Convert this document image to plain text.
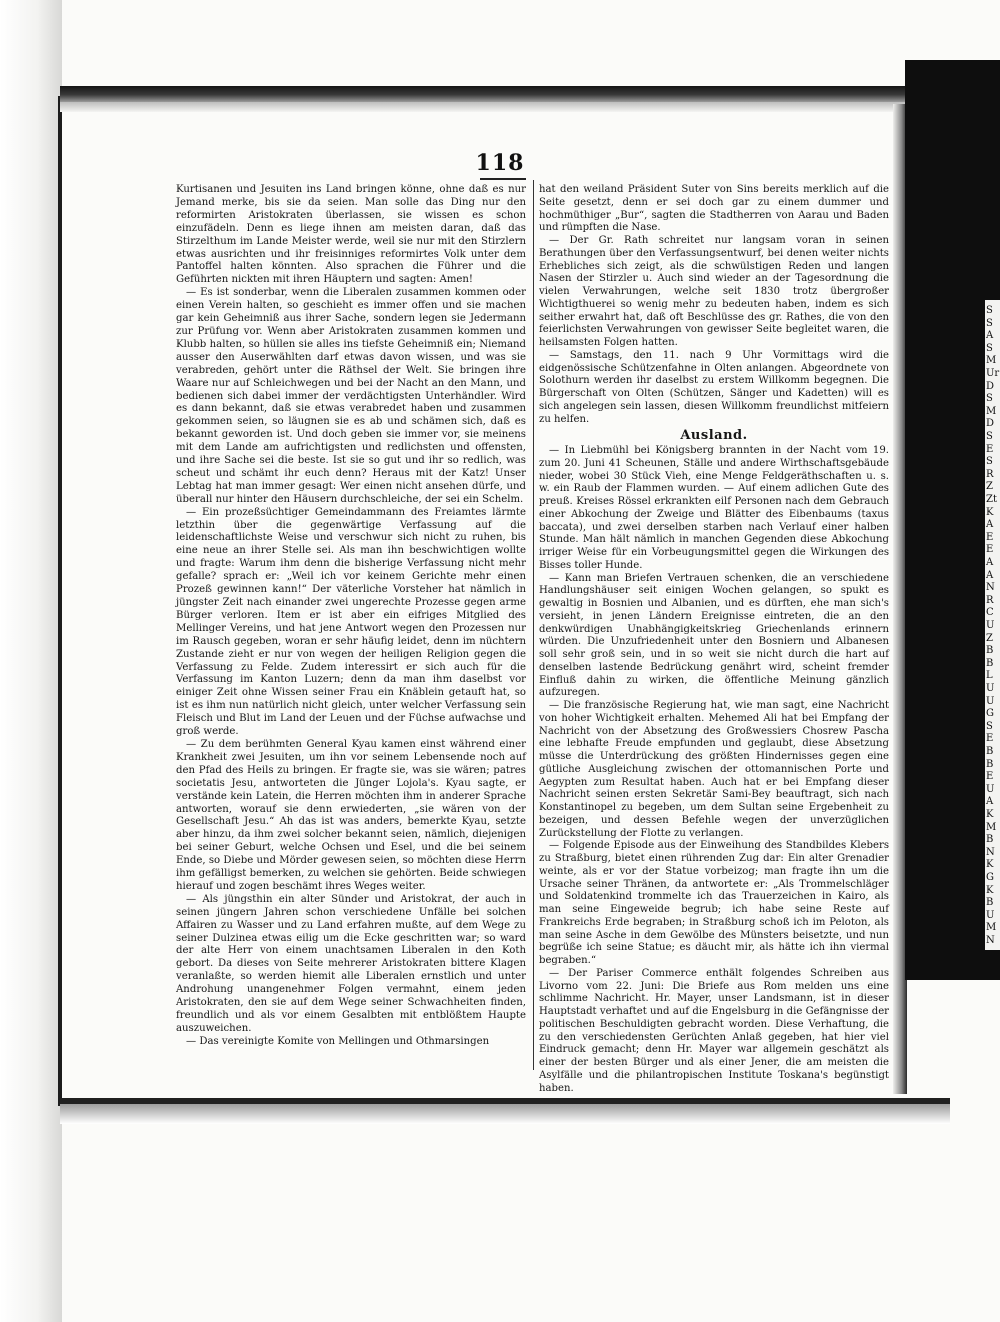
S
S
A
S
M
Ur
D
S
M
D
S
E
S
R
Z
Zt
K
A
E
E
A
A
N
R
C
U
Z
B
B
L
U
U
G
S
E
B
B
E
U
A
K
M
B
N
K
G
K
B
U
M
N
118

Kurtisanen und Jesuiten ins Land bringen könne, ohne daß es nur Jemand merke, bis sie da seien. Man solle das Ding nur den reformirten Aristokraten überlassen, sie wissen es schon einzufädeln. Denn es liege ihnen am meisten daran, daß das Stirzelthum im Lande Meister werde, weil sie nur mit den Stirzlern etwas ausrichten und ihr freisinniges reformirtes Volk unter dem Pantoffel halten könnten. Also sprachen die Führer und die Geführten nickten mit ihren Häuptern und sagten: Amen!

— Es ist sonderbar, wenn die Liberalen zusammen kommen oder einen Verein halten, so geschieht es immer offen und sie machen gar kein Geheimniß aus ihrer Sache, sondern legen sie Jedermann zur Prüfung vor. Wenn aber Aristokraten zusammen kommen und Klubb halten, so hüllen sie alles ins tiefste Geheimniß ein; Niemand ausser den Auserwählten darf etwas davon wissen, und was sie verabreden, gehört unter die Räthsel der Welt. Sie bringen ihre Waare nur auf Schleichwegen und bei der Nacht an den Mann, und bedienen sich dabei immer der verdächtigsten Unterhändler. Wird es dann bekannt, daß sie etwas verabredet haben und zusammen gekommen seien, so läugnen sie es ab und schämen sich, daß es bekannt geworden ist. Und doch geben sie immer vor, sie meinens mit dem Lande am aufrichtigsten und redlichsten und offensten, und ihre Sache sei die beste. Ist sie so gut und ihr so redlich, was scheut und schämt ihr euch denn? Heraus mit der Katz! Unser Lebtag hat man immer gesagt: Wer einen nicht ansehen dürfe, und überall nur hinter den Häusern durchschleiche, der sei ein Schelm.

— Ein prozeßsüchtiger Gemeindammann des Freiamtes lärmte letzthin über die gegenwärtige Verfassung auf die leidenschaftlichste Weise und verschwur sich nicht zu ruhen, bis eine neue an ihrer Stelle sei. Als man ihn beschwichtigen wollte und fragte: Warum ihm denn die bisherige Verfassung nicht mehr gefalle? sprach er: „Weil ich vor keinem Gerichte mehr einen Prozeß gewinnen kann!“ Der väterliche Vorsteher hat nämlich in jüngster Zeit nach einander zwei ungerechte Prozesse gegen arme Bürger verloren. Item er ist aber ein eifriges Mitglied des Mellinger Vereins, und hat jene Antwort wegen den Prozessen nur im Rausch gegeben, woran er sehr häufig leidet, denn im nüchtern Zustande zieht er nur von wegen der heiligen Religion gegen die Verfassung zu Felde. Zudem interessirt er sich auch für die Verfassung im Kanton Luzern; denn da man ihm daselbst vor einiger Zeit ohne Wissen seiner Frau ein Knäblein getauft hat, so ist es ihm nun natürlich nicht gleich, unter welcher Verfassung sein Fleisch und Blut im Land der Leuen und der Füchse aufwachse und groß werde.

— Zu dem berühmten General Kyau kamen einst während einer Krankheit zwei Jesuiten, um ihn vor seinem Lebensende noch auf den Pfad des Heils zu bringen. Er fragte sie, was sie wären; patres societatis Jesu, antworteten die Jünger Lojola's. Kyau sagte, er verstände kein Latein, die Herren möchten ihm in anderer Sprache antworten, worauf sie denn erwiederten, „sie wären von der Gesellschaft Jesu.“ Ah das ist was anders, bemerkte Kyau, setzte aber hinzu, da ihm zwei solcher bekannt seien, nämlich, diejenigen bei seiner Geburt, welche Ochsen und Esel, und die bei seinem Ende, so Diebe und Mörder gewesen seien, so möchten diese Herrn ihm gefälligst bemerken, zu welchen sie gehörten. Beide schwiegen hierauf und zogen beschämt ihres Weges weiter.

— Als jüngsthin ein alter Sünder und Aristokrat, der auch in seinen jüngern Jahren schon verschiedene Unfälle bei solchen Affairen zu Wasser und zu Land erfahren mußte, auf dem Wege zu seiner Dulzinea etwas eilig um die Ecke geschritten war; so ward der alte Herr von einem unachtsamen Liberalen in den Koth gebort. Da dieses von Seite mehrerer Aristokraten bittere Klagen veranlaßte, so werden hiemit alle Liberalen ernstlich und unter Androhung unangenehmer Folgen vermahnt, einem jeden Aristokraten, den sie auf dem Wege seiner Schwachheiten finden, freundlich und als vor einem Gesalbten mit entblößtem Haupte auszuweichen.

— Das vereinigte Komite von Mellingen und Othmarsingen

hat den weiland Präsident Suter von Sins bereits merklich auf die Seite gesetzt, denn er sei doch gar zu einem dummer und hochmüthiger „Bur“, sagten die Stadtherren von Aarau und Baden und rümpften die Nase.

— Der Gr. Rath schreitet nur langsam voran in seinen Berathungen über den Verfassungsentwurf, bei denen weiter nichts Erhebliches sich zeigt, als die schwülstigen Reden und langen Nasen der Stirzler u. Auch sind wieder an der Tagesordnung die vielen Verwahrungen, welche seit 1830 trotz übergroßer Wichtigthuerei so wenig mehr zu bedeuten haben, indem es sich seither erwahrt hat, daß oft Beschlüsse des gr. Rathes, die von den feierlichsten Verwahrungen von gewisser Seite begleitet waren, die heilsamsten Folgen hatten.

— Samstags, den 11. nach 9 Uhr Vormittags wird die eidgenössische Schützenfahne in Olten anlangen. Abgeordnete von Solothurn werden ihr daselbst zu erstem Willkomm begegnen. Die Bürgerschaft von Olten (Schützen, Sänger und Kadetten) will es sich angelegen sein lassen, diesen Willkomm freundlichst mitfeiern zu helfen.

Ausland.

— In Liebmühl bei Königsberg brannten in der Nacht vom 19. zum 20. Juni 41 Scheunen, Ställe und andere Wirthschaftsgebäude nieder, wobei 30 Stück Vieh, eine Menge Feldgeräthschaften u. s. w. ein Raub der Flammen wurden. — Auf einem adlichen Gute des preuß. Kreises Rössel erkrankten eilf Personen nach dem Gebrauch einer Abkochung der Zweige und Blätter des Eibenbaums (taxus baccata), und zwei derselben starben nach Verlauf einer halben Stunde. Man hält nämlich in manchen Gegenden diese Abkochung irriger Weise für ein Vorbeugungsmittel gegen die Wirkungen des Bisses toller Hunde.

— Kann man Briefen Vertrauen schenken, die an verschiedene Handlungshäuser seit einigen Wochen gelangen, so spukt es gewaltig in Bosnien und Albanien, und es dürften, ehe man sich's versieht, in jenen Ländern Ereignisse eintreten, die an den denkwürdigen Unabhängigkeitskrieg Griechenlands erinnern würden. Die Unzufriedenheit unter den Bosniern und Albanesen soll sehr groß sein, und in so weit sie nicht durch die hart auf denselben lastende Bedrückung genährt wird, scheint fremder Einfluß dahin zu wirken, die öffentliche Meinung gänzlich aufzuregen.

— Die französische Regierung hat, wie man sagt, eine Nachricht von hoher Wichtigkeit erhalten. Mehemed Ali hat bei Empfang der Nachricht von der Absetzung des Großwessiers Chosrew Pascha eine lebhafte Freude empfunden und geglaubt, diese Absetzung müsse die Unterdrückung des größten Hindernisses gegen eine gütliche Ausgleichung zwischen der ottomannischen Porte und Aegypten zum Resultat haben. Auch hat er bei Empfang dieser Nachricht seinen ersten Sekretär Sami-Bey beauftragt, sich nach Konstantinopel zu begeben, um dem Sultan seine Ergebenheit zu bezeigen, und dessen Befehle wegen der unverzüglichen Zurückstellung der Flotte zu verlangen.

— Folgende Episode aus der Einweihung des Standbildes Klebers zu Straßburg, bietet einen rührenden Zug dar: Ein alter Grenadier weinte, als er vor der Statue vorbeizog; man fragte ihn um die Ursache seiner Thränen, da antwortete er: „Als Trommelschläger und Soldatenkind trommelte ich das Trauerzeichen in Kairo, als man seine Eingeweide begrub; ich habe seine Reste auf Frankreichs Erde begraben; in Straßburg schoß ich im Peloton, als man seine Asche in dem Gewölbe des Münsters beisetzte, und nun begrüße ich seine Statue; es däucht mir, als hätte ich ihn viermal begraben.“

— Der Pariser Commerce enthält folgendes Schreiben aus Livorno vom 22. Juni: Die Briefe aus Rom melden uns eine schlimme Nachricht. Hr. Mayer, unser Landsmann, ist in dieser Hauptstadt verhaftet und auf die Engelsburg in die Gefängnisse der politischen Beschuldigten gebracht worden. Diese Verhaftung, die zu den verschiedensten Gerüchten Anlaß gegeben, hat hier viel Eindruck gemacht; denn Hr. Mayer war allgemein geschätzt als einer der besten Bürger und als einer Jener, die am meisten die Asylfälle und die philantropischen Institute Toskana's begünstigt haben.
